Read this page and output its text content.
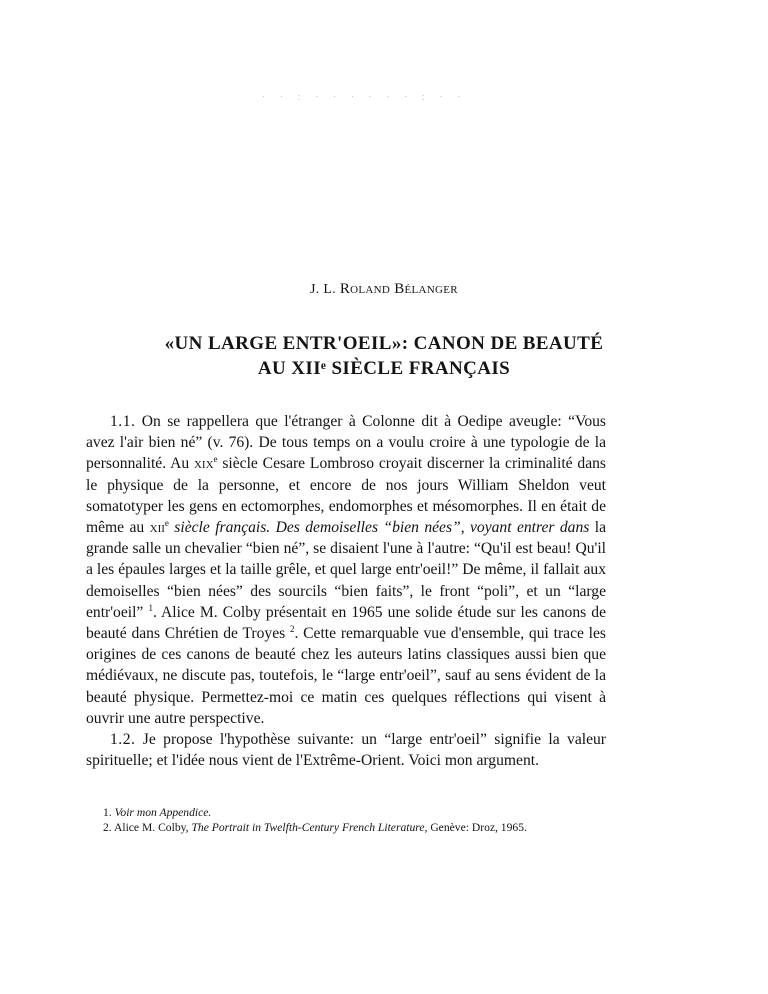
· · : · · · · · · : · ·
J. L. Roland Bélanger
«UN LARGE ENTR'OEIL»: CANON DE BEAUTÉ
AU XIIᵉ SIÈCLE FRANÇAIS

1.1. On se rappellera que l'étranger à Colonne dit à Oedipe aveugle: “Vous avez l'air bien né” (v. 76). De tous temps on a voulu croire à une typologie de la personnalité. Au xix$^e$ siècle Cesare Lombroso croyait discerner la criminalité dans le physique de la personne, et encore de nos jours William Sheldon veut somatotyper les gens en ectomorphes, endomorphes et mésomorphes. Il en était de même au xii$^e$ siècle français. Des demoiselles “bien nées”, voyant entrer dans la grande salle un chevalier “bien né”, se disaient l'une à l'autre: “Qu'il est beau! Qu'il a les épaules larges et la taille grêle, et quel large entr'oeil!” De même, il fallait aux demoiselles “bien nées” des sourcils “bien faits”, le front “poli”, et un “large entr'oeil” $^1$. Alice M. Colby présentait en 1965 une solide étude sur les canons de beauté dans Chrétien de Troyes $^2$. Cette remarquable vue d'ensemble, qui trace les origines de ces canons de beauté chez les auteurs latins classiques aussi bien que médiévaux, ne discute pas, toutefois, le “large entr'oeil”, sauf au sens évident de la beauté physique. Permettez-moi ce matin ces quelques réflections qui visent à ouvrir une autre perspective.

1.2. Je propose l'hypothèse suivante: un “large entr'oeil” signifie la valeur spirituelle; et l'idée nous vient de l'Extrême-Orient. Voici mon argument.

1. Voir mon Appendice.

2. Alice M. Colby, The Portrait in Twelfth-Century French Literature, Genève: Droz, 1965.
